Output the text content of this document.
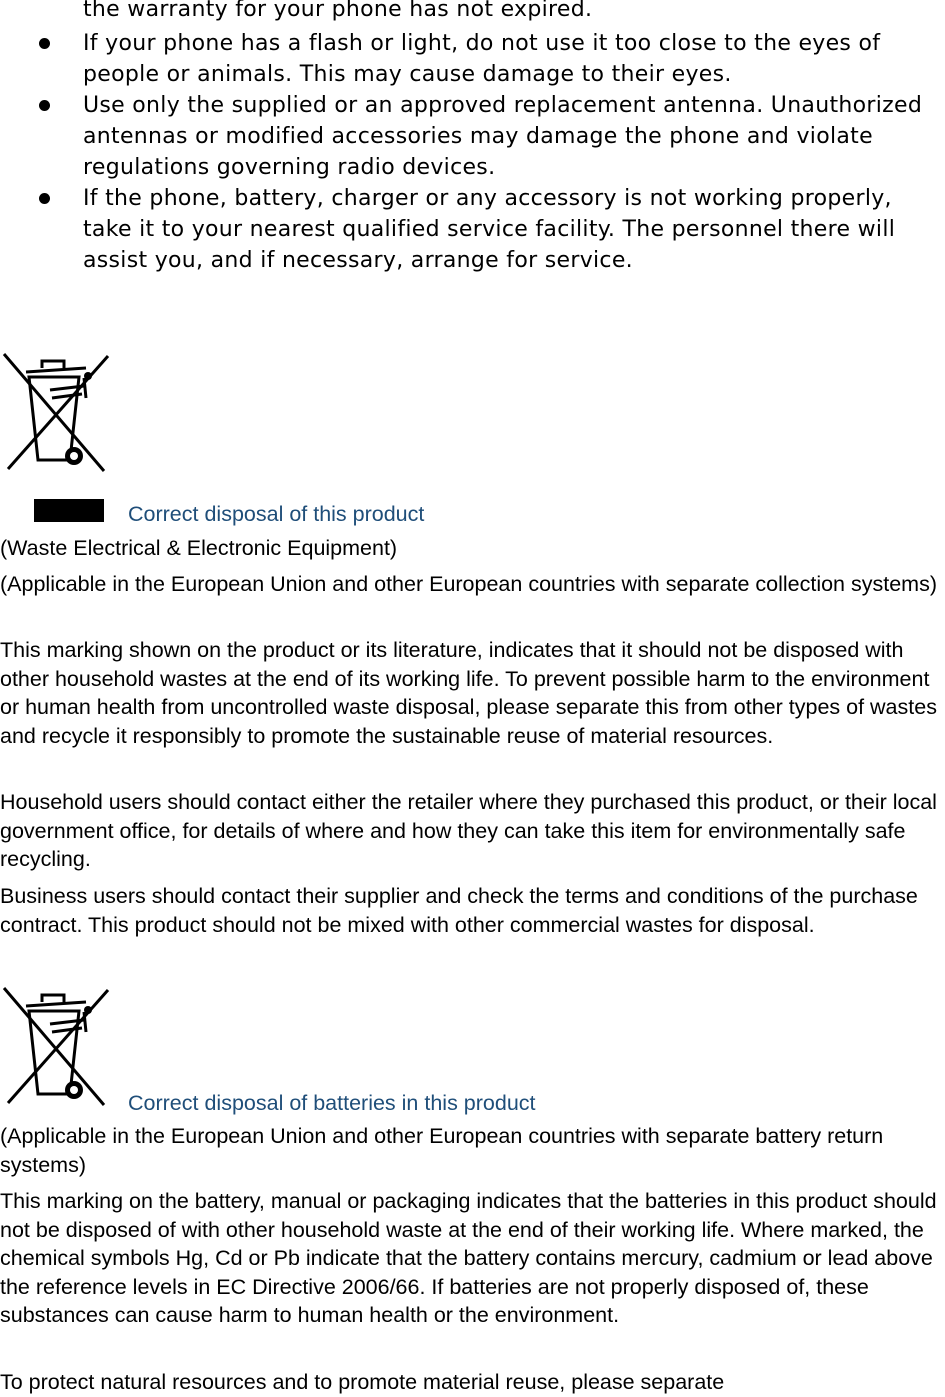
the warranty for your phone has not expired.
If your phone has a flash or light, do not use it too close to the eyes of people or animals. This may cause damage to their eyes.
Use only the supplied or an approved replacement antenna. Unauthorized antennas or modified accessories may damage the phone and violate regulations governing radio devices.
If the phone, battery, charger or any accessory is not working properly, take it to your nearest qualified service facility. The personnel there will assist you, and if necessary, arrange for service.
Correct disposal of this product
(Waste Electrical & Electronic Equipment)

(Applicable in the European Union and other European countries with separate collection systems)

This marking shown on the product or its literature, indicates that it should not be disposed with other household wastes at the end of its working life. To prevent possible harm to the environment or human health from uncontrolled waste disposal, please separate this from other types of wastes and recycle it responsibly to promote the sustainable reuse of material resources.

Household users should contact either the retailer where they purchased this product, or their local government office, for details of where and how they can take this item for environmentally safe recycling.

Business users should contact their supplier and check the terms and conditions of the purchase contract. This product should not be mixed with other commercial wastes for disposal.

Correct disposal of batteries in this product

(Applicable in the European Union and other European countries with separate battery return systems)

This marking on the battery, manual or packaging indicates that the batteries in this product should not be disposed of with other household waste at the end of their working life. Where marked, the chemical symbols Hg, Cd or Pb indicate that the battery contains mercury, cadmium or lead above the reference levels in EC Directive 2006/66. If batteries are not properly disposed of, these substances can cause harm to human health or the environment.

To protect natural resources and to promote material reuse, please separate
